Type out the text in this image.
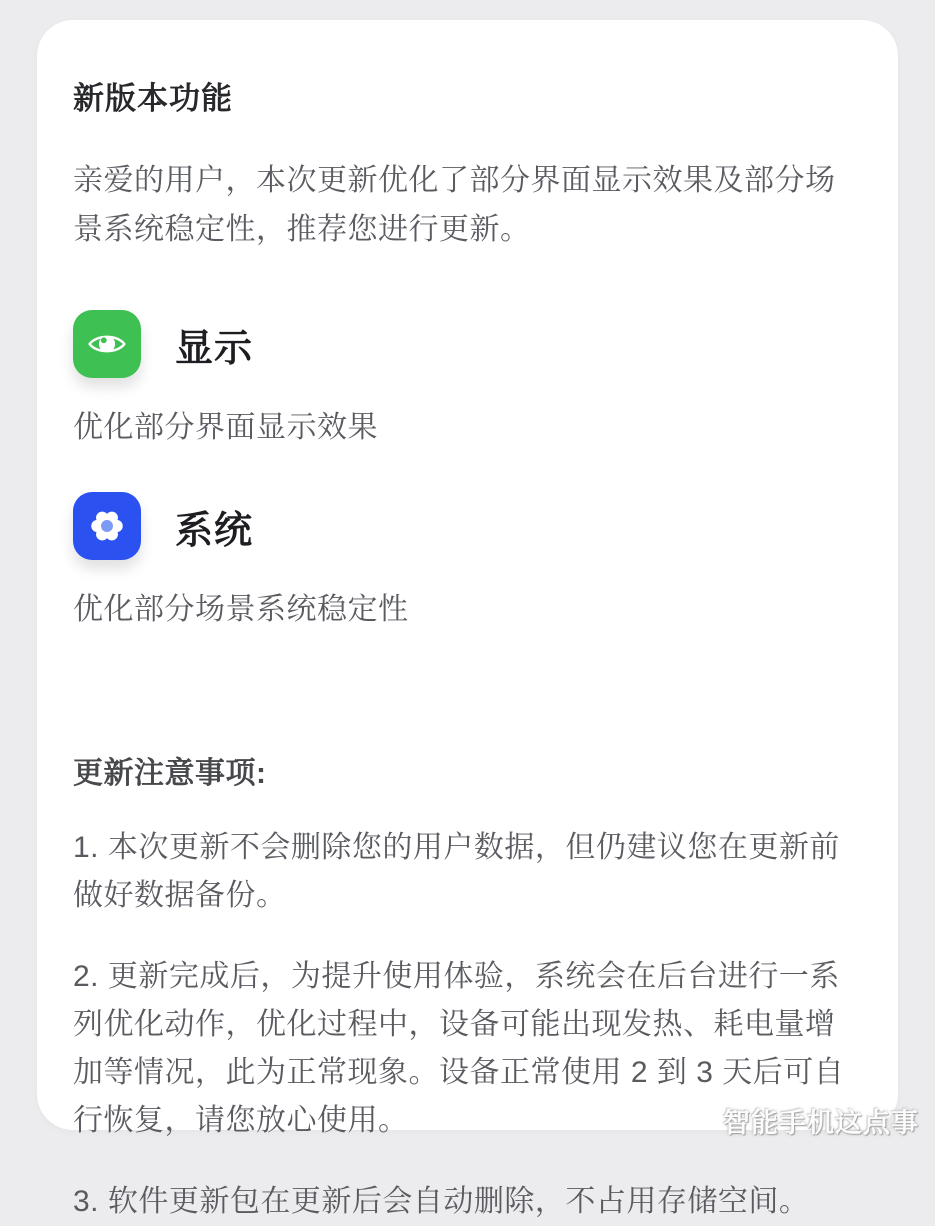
新版本功能

亲爱的用户，本次更新优化了部分界面显示效果及部分场景系统稳定性，推荐您进行更新。

显示

优化部分界面显示效果

系统

优化部分场景系统稳定性

更新注意事项:

1. 本次更新不会删除您的用户数据，但仍建议您在更新前做好数据备份。

2. 更新完成后，为提升使用体验，系统会在后台进行一系列优化动作，优化过程中，设备可能出现发热、耗电量增加等情况，此为正常现象。设备正常使用 2 到 3 天后可自行恢复，请您放心使用。

3. 软件更新包在更新后会自动删除，不占用存储空间。

智能手机这点事
